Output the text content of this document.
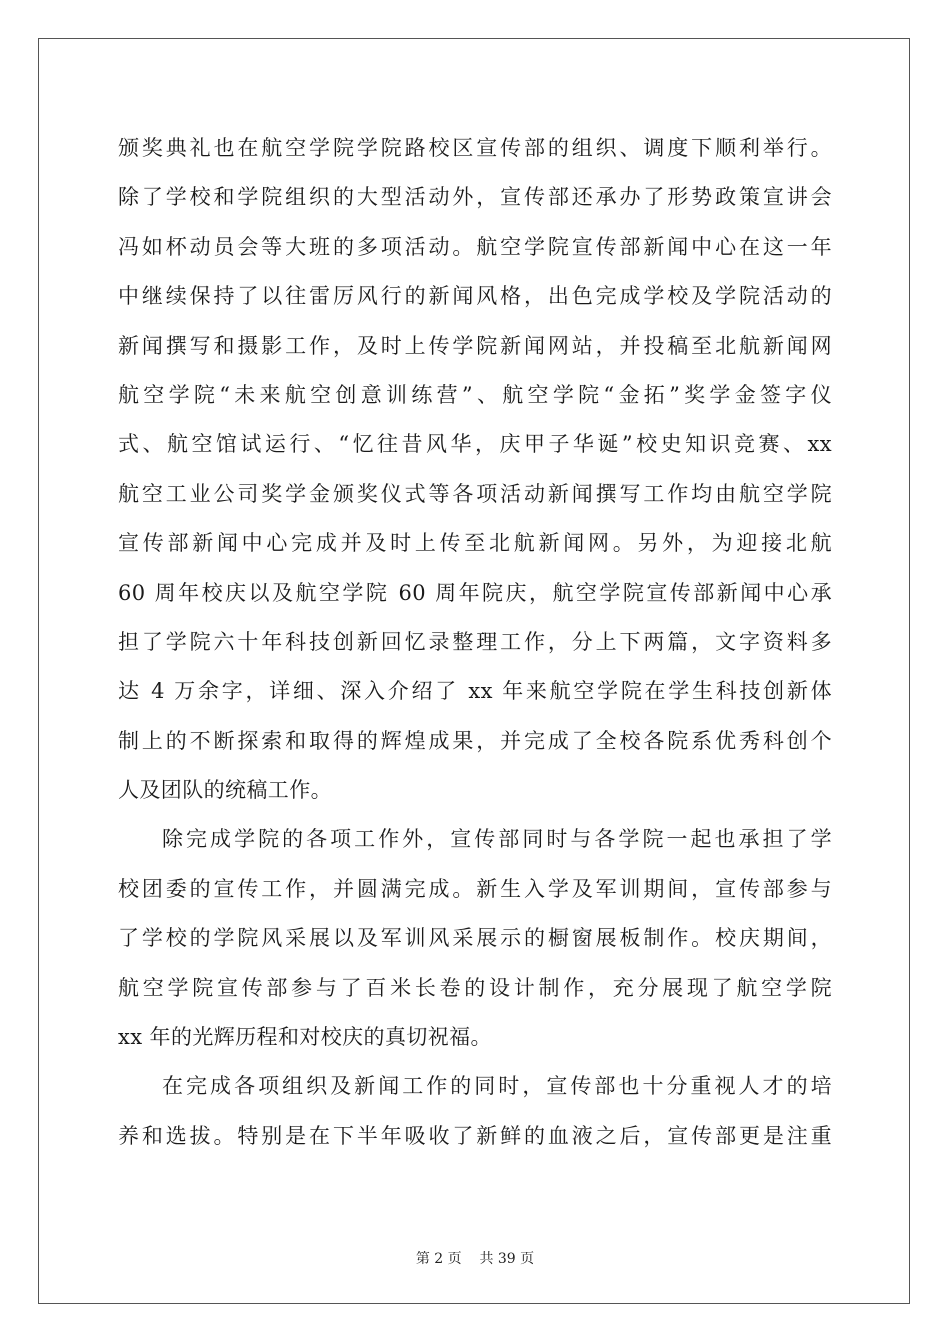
颁奖典礼也在航空学院学院路校区宣传部的组织、调度下顺利举行。
除了学校和学院组织的大型活动外，宣传部还承办了形势政策宣讲会
冯如杯动员会等大班的多项活动。航空学院宣传部新闻中心在这一年
中继续保持了以往雷厉风行的新闻风格，出色完成学校及学院活动的
新闻撰写和摄影工作，及时上传学院新闻网站，并投稿至北航新闻网
航空学院“未来航空创意训练营”、航空学院“金拓”奖学金签字仪
式、航空馆试运行、“忆往昔风华，庆甲子华诞”校史知识竞赛、xx
航空工业公司奖学金颁奖仪式等各项活动新闻撰写工作均由航空学院
宣传部新闻中心完成并及时上传至北航新闻网。另外，为迎接北航
60 周年校庆以及航空学院 60 周年院庆，航空学院宣传部新闻中心承
担了学院六十年科技创新回忆录整理工作，分上下两篇，文字资料多
达 4 万余字，详细、深入介绍了 xx 年来航空学院在学生科技创新体
制上的不断探索和取得的辉煌成果，并完成了全校各院系优秀科创个
人及团队的统稿工作。
除完成学院的各项工作外，宣传部同时与各学院一起也承担了学
校团委的宣传工作，并圆满完成。新生入学及军训期间，宣传部参与
了学校的学院风采展以及军训风采展示的橱窗展板制作。校庆期间，
航空学院宣传部参与了百米长卷的设计制作，充分展现了航空学院
xx 年的光辉历程和对校庆的真切祝福。
在完成各项组织及新闻工作的同时，宣传部也十分重视人才的培
养和选拔。特别是在下半年吸收了新鲜的血液之后，宣传部更是注重
第 2 页 共 39 页
